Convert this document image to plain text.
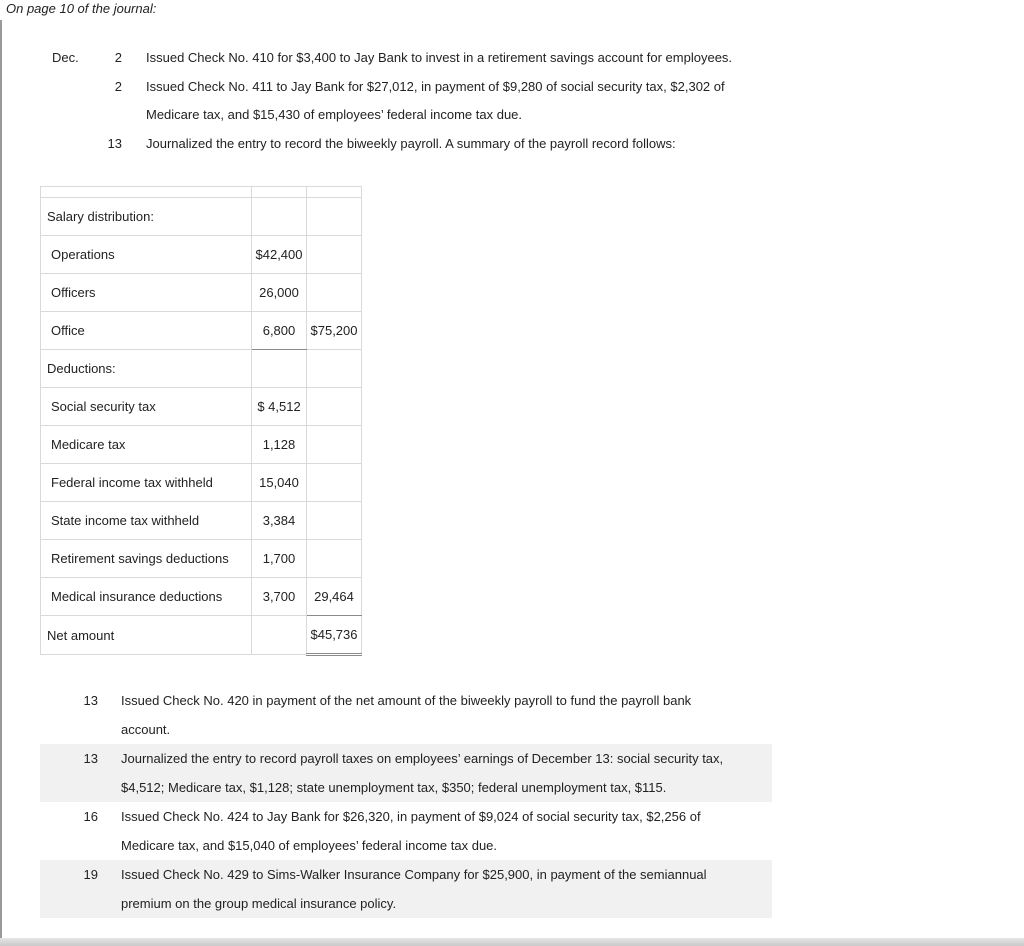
On page 10 of the journal:
Dec.	2 Issued Check No. 410 for $3,400 to Jay Bank to invest in a retirement savings account for employees.
2 Issued Check No. 411 to Jay Bank for $27,012, in payment of $9,280 of social security tax, $2,302 of
Medicare tax, and $15,430 of employees’ federal income tax due.
13 Journalized the entry to record the biweekly payroll. A summary of the payroll record follows:

Salary distribution:		
Operations	$42,400	
Officers	26,000	
Office	6,800	$75,200
Deductions:		
Social security tax	$ 4,512	
Medicare tax	1,128	
Federal income tax withheld	15,040	
State income tax withheld	3,384	
Retirement savings deductions	1,700	
Medical insurance deductions	3,700	29,464
Net amount		$45,736
13 Issued Check No. 420 in payment of the net amount of the biweekly payroll to fund the payroll bank
account.
13 Journalized the entry to record payroll taxes on employees’ earnings of December 13: social security tax,
$4,512; Medicare tax, $1,128; state unemployment tax, $350; federal unemployment tax, $115.
16 Issued Check No. 424 to Jay Bank for $26,320, in payment of $9,024 of social security tax, $2,256 of
Medicare tax, and $15,040 of employees’ federal income tax due.
19 Issued Check No. 429 to Sims-Walker Insurance Company for $25,900, in payment of the semiannual
premium on the group medical insurance policy.
